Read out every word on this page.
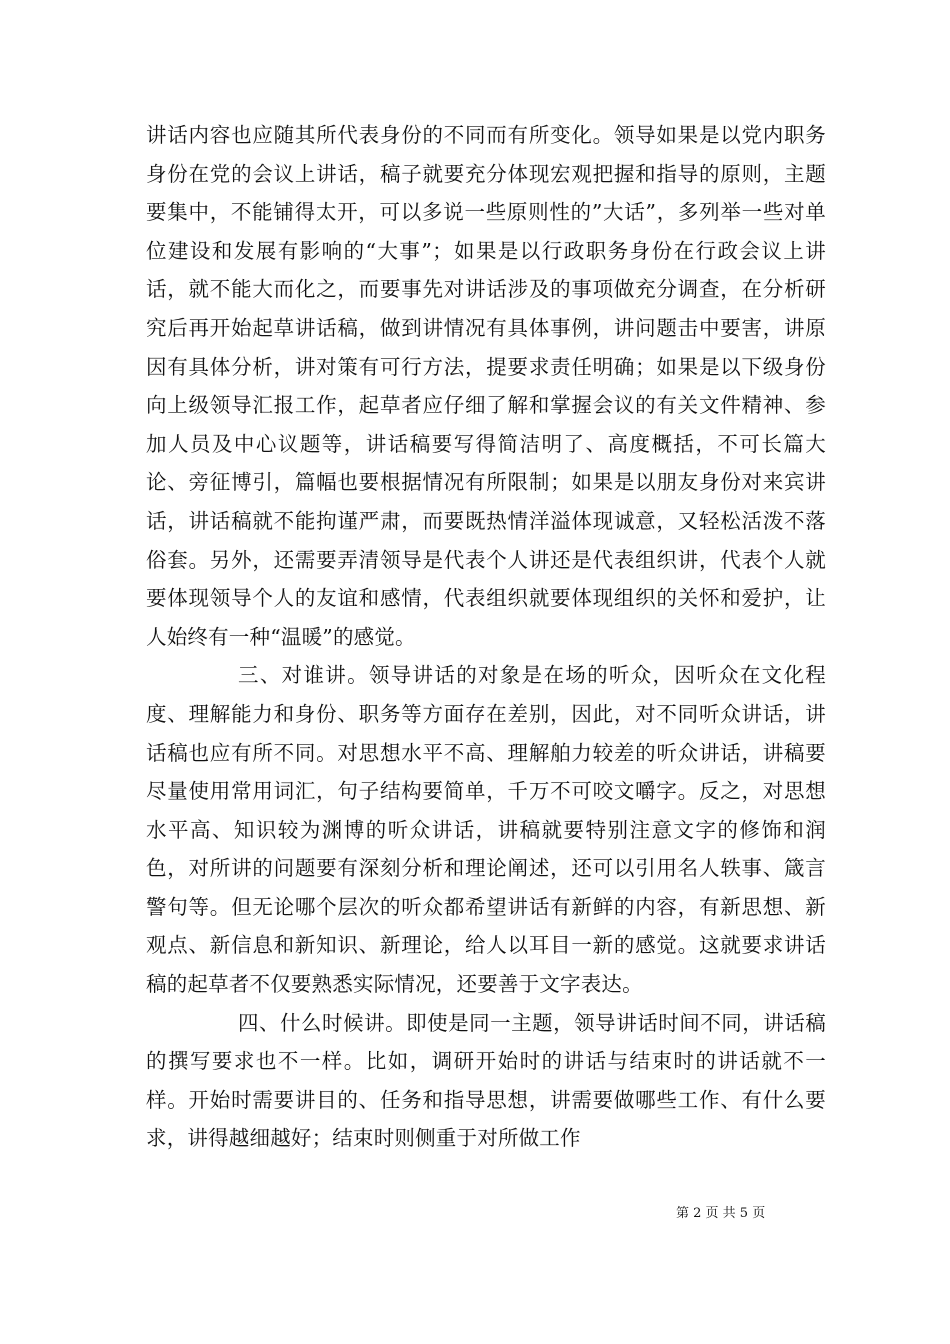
讲话内容也应随其所代表身份的不同而有所变化。领导如果是以党内职务身份在党的会议上讲话，稿子就要充分体现宏观把握和指导的原则，主题要集中，不能铺得太开，可以多说一些原则性的”大话”，多列举一些对单位建设和发展有影响的“大事”；如果是以行政职务身份在行政会议上讲话，就不能大而化之，而要事先对讲话涉及的事项做充分调查，在分析研究后再开始起草讲话稿，做到讲情况有具体事例，讲问题击中要害，讲原因有具体分析，讲对策有可行方法，提要求责任明确；如果是以下级身份向上级领导汇报工作，起草者应仔细了解和掌握会议的有关文件精神、参加人员及中心议题等，讲话稿要写得简洁明了、高度概括，不可长篇大论、旁征博引，篇幅也要根据情况有所限制；如果是以朋友身份对来宾讲话，讲话稿就不能拘谨严肃，而要既热情洋溢体现诚意，又轻松活泼不落俗套。另外，还需要弄清领导是代表个人讲还是代表组织讲，代表个人就要体现领导个人的友谊和感情，代表组织就要体现组织的关怀和爱护，让人始终有一种“温暖”的感觉。

三、对谁讲。领导讲话的对象是在场的听众，因听众在文化程度、理解能力和身份、职务等方面存在差别，因此，对不同听众讲话，讲话稿也应有所不同。对思想水平不高、理解舶力较差的听众讲话，讲稿要尽量使用常用词汇，句子结构要简单，千万不可咬文嚼字。反之，对思想水平高、知识较为渊博的听众讲话，讲稿就要特别注意文字的修饰和润色，对所讲的问题要有深刻分析和理论阐述，还可以引用名人轶事、箴言警句等。但无论哪个层次的听众都希望讲话有新鲜的内容，有新思想、新观点、新信息和新知识、新理论，给人以耳目一新的感觉。这就要求讲话稿的起草者不仅要熟悉实际情况，还要善于文字表达。

四、什么时候讲。即使是同一主题，领导讲话时间不同，讲话稿的撰写要求也不一样。比如，调研开始时的讲话与结束时的讲话就不一样。开始时需要讲目的、任务和指导思想，讲需要做哪些工作、有什么要求，讲得越细越好；结束时则侧重于对所做工作

第 2 页 共 5 页
